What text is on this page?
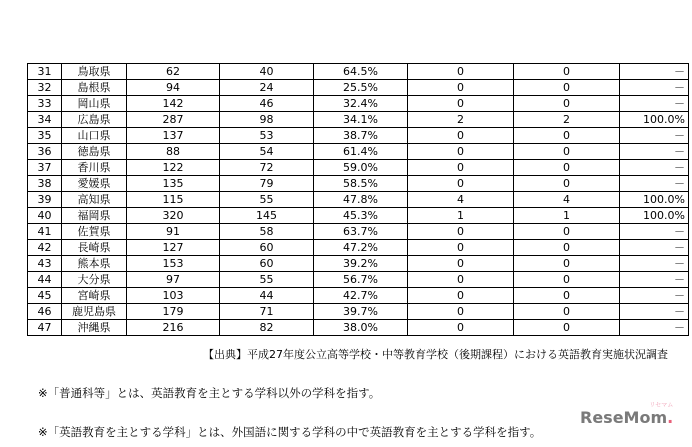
31	鳥取県	62	40	64.5%	0	0	－
32	島根県	94	24	25.5%	0	0	－
33	岡山県	142	46	32.4%	0	0	－
34	広島県	287	98	34.1%	2	2	100.0%
35	山口県	137	53	38.7%	0	0	－
36	徳島県	88	54	61.4%	0	0	－
37	香川県	122	72	59.0%	0	0	－
38	愛媛県	135	79	58.5%	0	0	－
39	高知県	115	55	47.8%	4	4	100.0%
40	福岡県	320	145	45.3%	1	1	100.0%
41	佐賀県	91	58	63.7%	0	0	－
42	長崎県	127	60	47.2%	0	0	－
43	熊本県	153	60	39.2%	0	0	－
44	大分県	97	55	56.7%	0	0	－
45	宮崎県	103	44	42.7%	0	0	－
46	鹿児島県	179	71	39.7%	0	0	－
47	沖縄県	216	82	38.0%	0	0	－
【出典】平成27年度公立高等学校・中等教育学校（後期課程）における英語教育実施状況調査
※「普通科等」とは、英語教育を主とする学科以外の学科を指す。
※「英語教育を主とする学科」とは、外国語に関する学科の中で英語教育を主とする学科を指す。
ReseMom.
リセマム
